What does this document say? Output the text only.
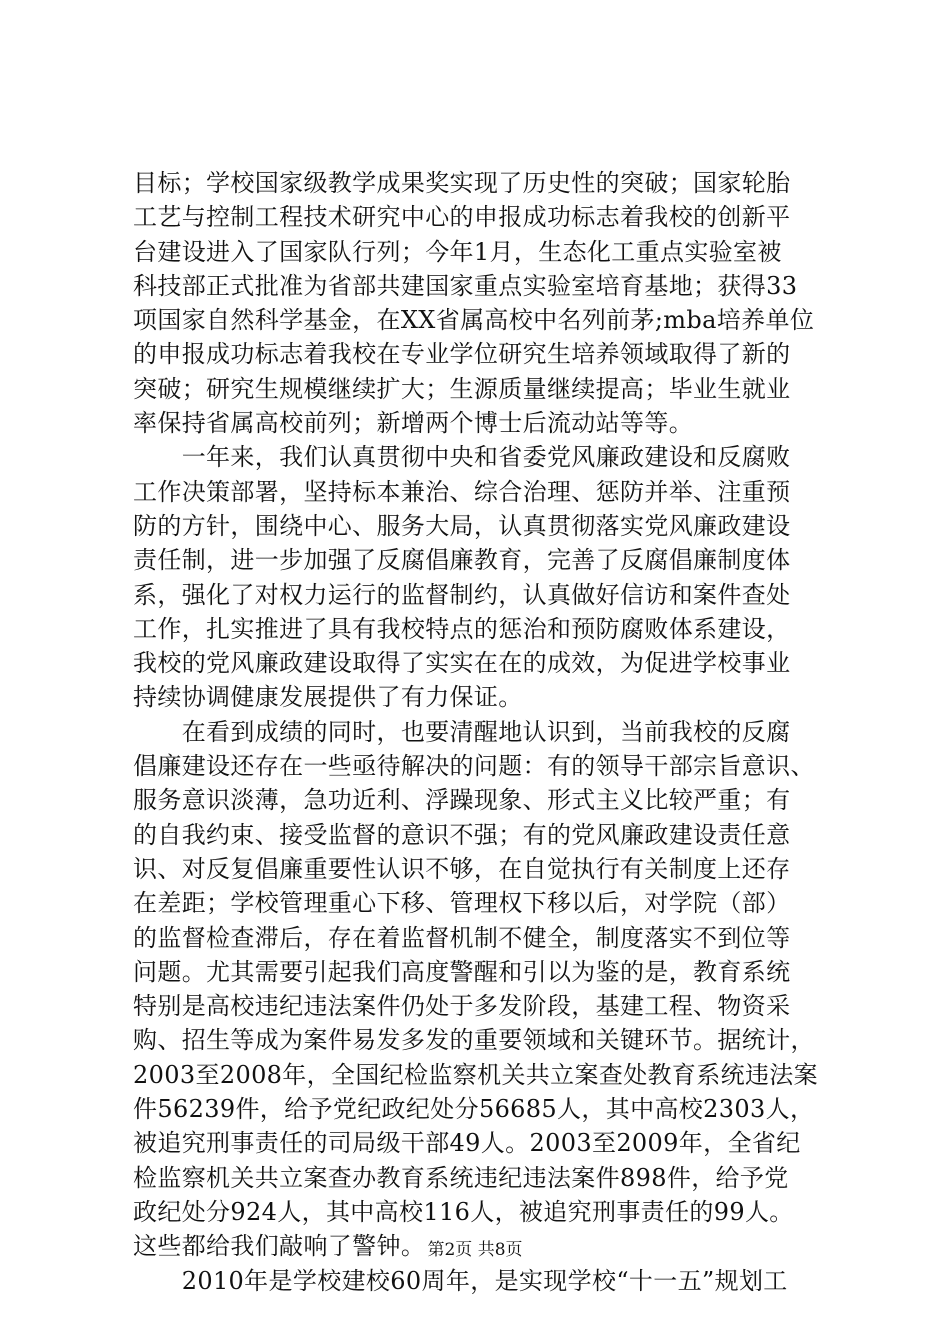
目标；学校国家级教学成果奖实现了历史性的突破；国家轮胎
工艺与控制工程技术研究中心的申报成功标志着我校的创新平
台建设进入了国家队行列；今年1月，生态化工重点实验室被
科技部正式批准为省部共建国家重点实验室培育基地；获得33
项国家自然科学基金，在XX省属高校中名列前茅;mba培养单位
的申报成功标志着我校在专业学位研究生培养领域取得了新的
突破；研究生规模继续扩大；生源质量继续提高；毕业生就业
率保持省属高校前列；新增两个博士后流动站等等。
　　一年来，我们认真贯彻中央和省委党风廉政建设和反腐败
工作决策部署，坚持标本兼治、综合治理、惩防并举、注重预
防的方针，围绕中心、服务大局，认真贯彻落实党风廉政建设
责任制，进一步加强了反腐倡廉教育，完善了反腐倡廉制度体
系，强化了对权力运行的监督制约，认真做好信访和案件查处
工作，扎实推进了具有我校特点的惩治和预防腐败体系建设，
我校的党风廉政建设取得了实实在在的成效，为促进学校事业
持续协调健康发展提供了有力保证。
　　在看到成绩的同时，也要清醒地认识到，当前我校的反腐
倡廉建设还存在一些亟待解决的问题：有的领导干部宗旨意识、
服务意识淡薄，急功近利、浮躁现象、形式主义比较严重；有
的自我约束、接受监督的意识不强；有的党风廉政建设责任意
识、对反复倡廉重要性认识不够，在自觉执行有关制度上还存
在差距；学校管理重心下移、管理权下移以后，对学院（部）
的监督检查滞后，存在着监督机制不健全，制度落实不到位等
问题。尤其需要引起我们高度警醒和引以为鉴的是，教育系统
特别是高校违纪违法案件仍处于多发阶段，基建工程、物资采
购、招生等成为案件易发多发的重要领域和关键环节。据统计，
2003至2008年，全国纪检监察机关共立案查处教育系统违法案
件56239件，给予党纪政纪处分56685人，其中高校2303人，
被追究刑事责任的司局级干部49人。2003至2009年，全省纪
检监察机关共立案查办教育系统违纪违法案件898件，给予党
政纪处分924人，其中高校116人，被追究刑事责任的99人。
这些都给我们敲响了警钟。
　　2010年是学校建校60周年，是实现学校“十一五”规划工
第2页 共8页
